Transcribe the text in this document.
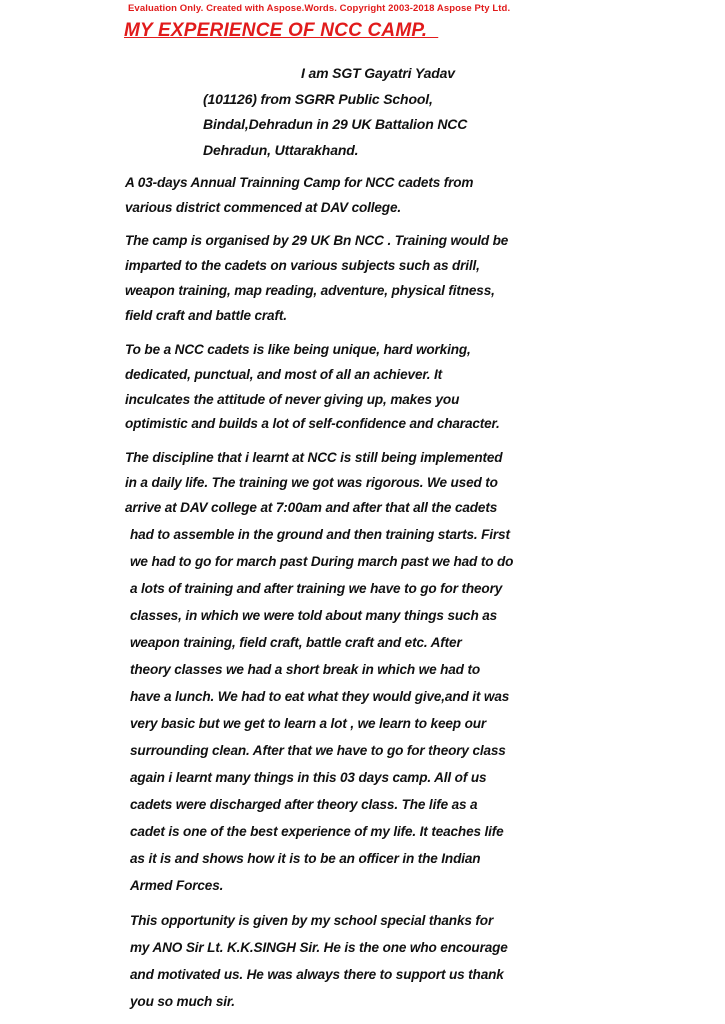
Evaluation Only. Created with Aspose.Words. Copyright 2003-2018 Aspose Pty Ltd.
MY EXPERIENCE OF NCC CAMP.
I am SGT Gayatri Yadav
(101126) from SGRR Public School,
Bindal,Dehradun in 29 UK Battalion NCC
Dehradun, Uttarakhand.
A 03-days Annual Trainning Camp for NCC cadets from
various district commenced at DAV college.
The camp is organised by 29 UK Bn NCC . Training would be
imparted to the cadets on various subjects such as drill,
weapon training, map reading, adventure, physical fitness,
field craft and battle craft.
To be a NCC cadets is like being unique, hard working,
dedicated, punctual, and most of all an achiever. It
inculcates the attitude of never giving up, makes you
optimistic and builds a lot of self-confidence and character.
The discipline that i learnt at NCC is still being implemented
in a daily life. The training we got was rigorous. We used to
arrive at DAV college at 7:00am and after that all the cadets
had to assemble in the ground and then training starts. First
we had to go for march past During march past we had to do
a lots of training and after training we have to go for theory
classes, in which we were told about many things such as
weapon training, field craft, battle craft and etc. After
theory classes we had a short break in which we had to
have a lunch. We had to eat what they would give,and it was
very basic but we get to learn a lot , we learn to keep our
surrounding clean. After that we have to go for theory class
again i learnt many things in this 03 days camp. All of us
cadets were discharged after theory class. The life as a
cadet is one of the best experience of my life. It teaches life
as it is and shows how it is to be an officer in the Indian
Armed Forces.
This opportunity is given by my school special thanks for
my ANO Sir Lt. K.K.SINGH Sir. He is the one who encourage
and motivated us. He was always there to support us thank
you so much sir.
